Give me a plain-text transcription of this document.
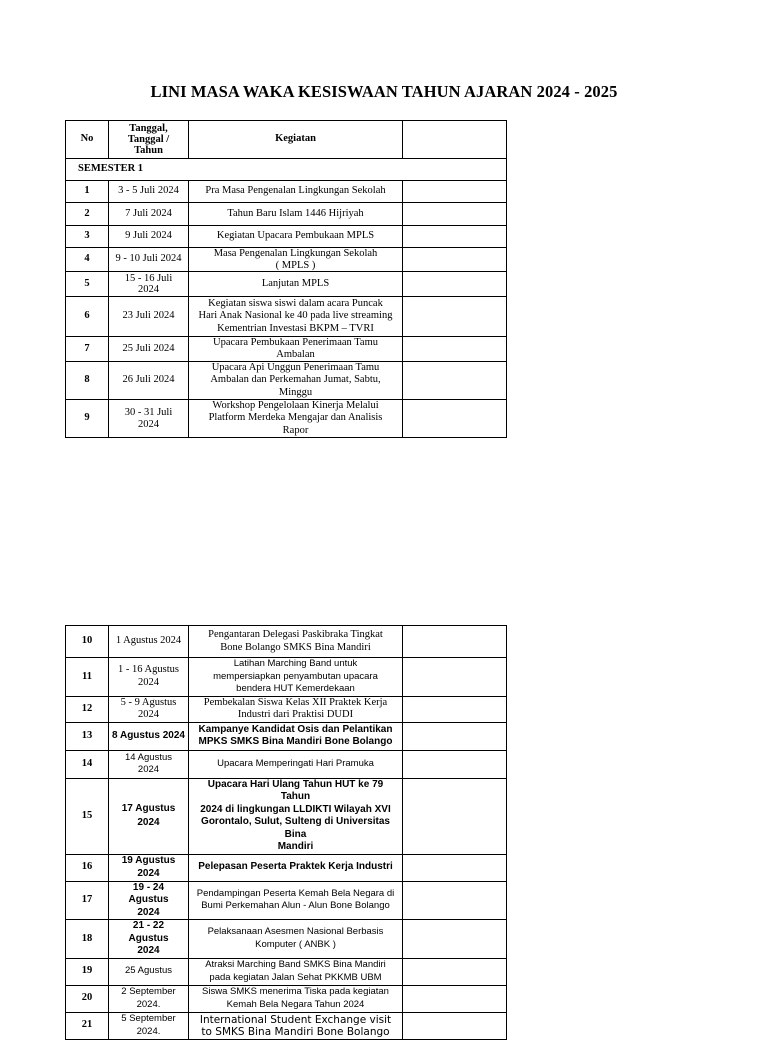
LINI MASA WAKA KESISWAAN TAHUN AJARAN 2024 - 2025
No	Tanggal,
Tanggal /
Tahun	Kegiatan	
SEMESTER 1			
1	3 - 5 Juli 2024	Pra Masa Pengenalan Lingkungan Sekolah	
2	7 Juli 2024	Tahun Baru Islam 1446 Hijriyah	
3	9 Juli 2024	Kegiatan Upacara Pembukaan MPLS	
4	9 - 10 Juli 2024	Masa Pengenalan Lingkungan Sekolah
( MPLS )	
5	15 - 16 Juli
2024	Lanjutan MPLS	
6	23 Juli 2024	Kegiatan siswa siswi dalam acara Puncak
Hari Anak Nasional ke 40 pada live streaming
Kementrian Investasi BKPM – TVRI	
7	25 Juli 2024	Upacara Pembukaan Penerimaan Tamu
Ambalan	
8	26 Juli 2024	Upacara Api Unggun Penerimaan Tamu
Ambalan dan Perkemahan Jumat, Sabtu,
Minggu	
9	30 - 31 Juli
2024	Workshop Pengelolaan Kinerja Melalui
Platform Merdeka Mengajar dan Analisis
Rapor	
10	1 Agustus 2024	Pengantaran Delegasi Paskibraka Tingkat
Bone Bolango SMKS Bina Mandiri	
11	1 - 16 Agustus
2024	Latihan Marching Band untuk
mempersiapkan penyambutan upacara
bendera HUT Kemerdekaan	
12	5 - 9 Agustus
2024	Pembekalan Siswa Kelas XII Praktek Kerja
Industri dari Praktisi DUDI	
13	8 Agustus 2024	Kampanye Kandidat Osis dan Pelantikan
MPKS SMKS Bina Mandiri Bone Bolango	
14	14 Agustus
2024	Upacara Memperingati Hari Pramuka	
15	17 Agustus
2024	Upacara Hari Ulang Tahun HUT ke 79 Tahun
2024 di lingkungan LLDIKTI Wilayah XVI
Gorontalo, Sulut, Sulteng di Universitas Bina
Mandiri	
16	19 Agustus
2024	Pelepasan Peserta Praktek Kerja Industri	
17	19 - 24 Agustus
2024	Pendampingan Peserta Kemah Bela Negara di
Bumi Perkemahan Alun - Alun Bone Bolango	
18	21 - 22 Agustus
2024	Pelaksanaan Asesmen Nasional Berbasis
Komputer ( ANBK )	
19	25 Agustus	Atraksi Marching Band SMKS Bina Mandiri
pada kegiatan Jalan Sehat PKKMB UBM	
20	2 September
2024.	Siswa SMKS menerima Tiska pada kegiatan
Kemah Bela Negara Tahun 2024	
21	5 September
2024.	International Student Exchange visit
to SMKS Bina Mandiri Bone Bolango	
